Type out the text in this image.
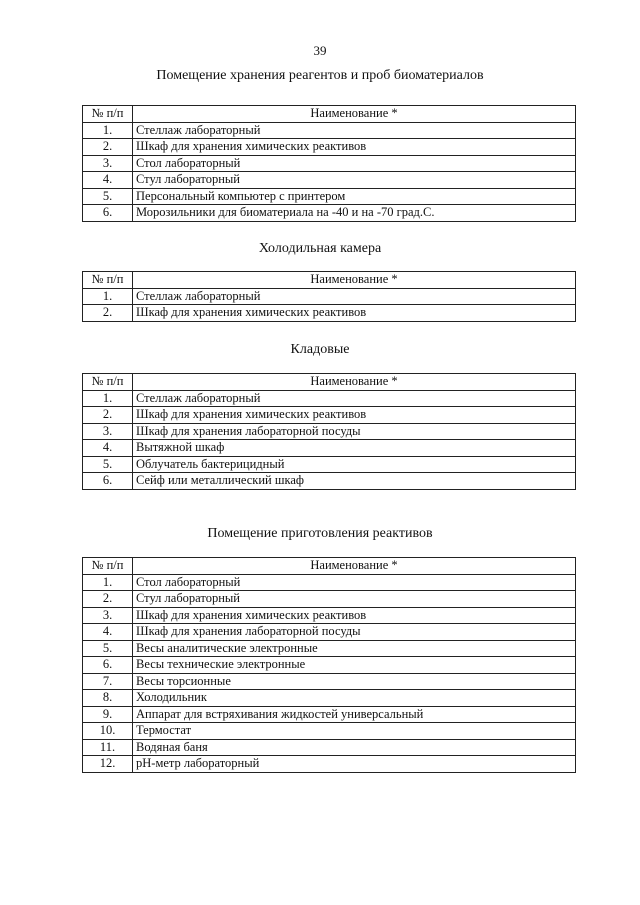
39
Помещение хранения реагентов и проб биоматериалов
№ п/п	Наименование *
1.	Стеллаж лабораторный
2.	Шкаф для хранения химических реактивов
3.	Стол лабораторный
4.	Стул лабораторный
5.	Персональный компьютер с принтером
6.	Морозильники для биоматериала на -40 и на -70 град.С.
Холодильная камера
№ п/п	Наименование *
1.	Стеллаж лабораторный
2.	Шкаф для хранения химических реактивов
Кладовые
№ п/п	Наименование *
1.	Стеллаж лабораторный
2.	Шкаф для хранения химических реактивов
3.	Шкаф для хранения лабораторной посуды
4.	Вытяжной шкаф
5.	Облучатель бактерицидный
6.	Сейф или металлический шкаф
Помещение приготовления реактивов
№ п/п	Наименование *
1.	Стол лабораторный
2.	Стул лабораторный
3.	Шкаф для хранения химических реактивов
4.	Шкаф для хранения лабораторной посуды
5.	Весы аналитические электронные
6.	Весы технические электронные
7.	Весы торсионные
8.	Холодильник
9.	Аппарат для встряхивания жидкостей универсальный
10.	Термостат
11.	Водяная баня
12.	рН-метр лабораторный
